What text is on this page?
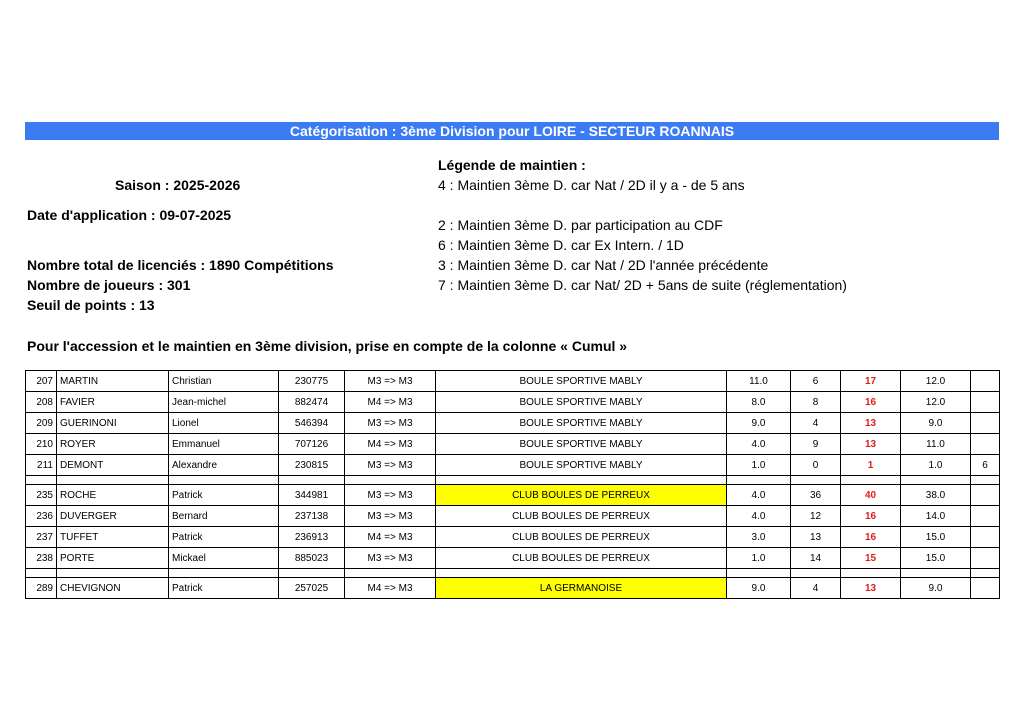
Catégorisation : 3ème Division pour LOIRE - SECTEUR ROANNAIS
Saison : 2025-2026
Date d'application : 09-07-2025
Nombre total de licenciés : 1890 Compétitions
Nombre de joueurs : 301
Seuil de points : 13
Pour l'accession et le maintien en 3ème division, prise en compte de la colonne « Cumul »
Légende de maintien :
4 : Maintien 3ème D. car Nat / 2D il y a - de 5 ans
2 : Maintien 3ème D. par participation au CDF
6 : Maintien 3ème D. car Ex Intern. / 1D
3 : Maintien 3ème D. car Nat / 2D l'année précédente
7 : Maintien 3ème D. car Nat/ 2D + 5ans de suite (réglementation)
207	MARTIN	Christian	230775	M3 => M3	BOULE SPORTIVE MABLY	11.0	6	17	12.0	
208	FAVIER	Jean-michel	882474	M4 => M3	BOULE SPORTIVE MABLY	8.0	8	16	12.0	
209	GUERINONI	Lionel	546394	M3 => M3	BOULE SPORTIVE MABLY	9.0	4	13	9.0	
210	ROYER	Emmanuel	707126	M4 => M3	BOULE SPORTIVE MABLY	4.0	9	13	11.0	
211	DEMONT	Alexandre	230815	M3 => M3	BOULE SPORTIVE MABLY	1.0	0	1	1.0	6

235	ROCHE	Patrick	344981	M3 => M3	CLUB BOULES DE PERREUX	4.0	36	40	38.0	
236	DUVERGER	Bernard	237138	M3 => M3	CLUB BOULES DE PERREUX	4.0	12	16	14.0	
237	TUFFET	Patrick	236913	M4 => M3	CLUB BOULES DE PERREUX	3.0	13	16	15.0	
238	PORTE	Mickael	885023	M3 => M3	CLUB BOULES DE PERREUX	1.0	14	15	15.0	

289	CHEVIGNON	Patrick	257025	M4 => M3	LA GERMANOISE	9.0	4	13	9.0	
